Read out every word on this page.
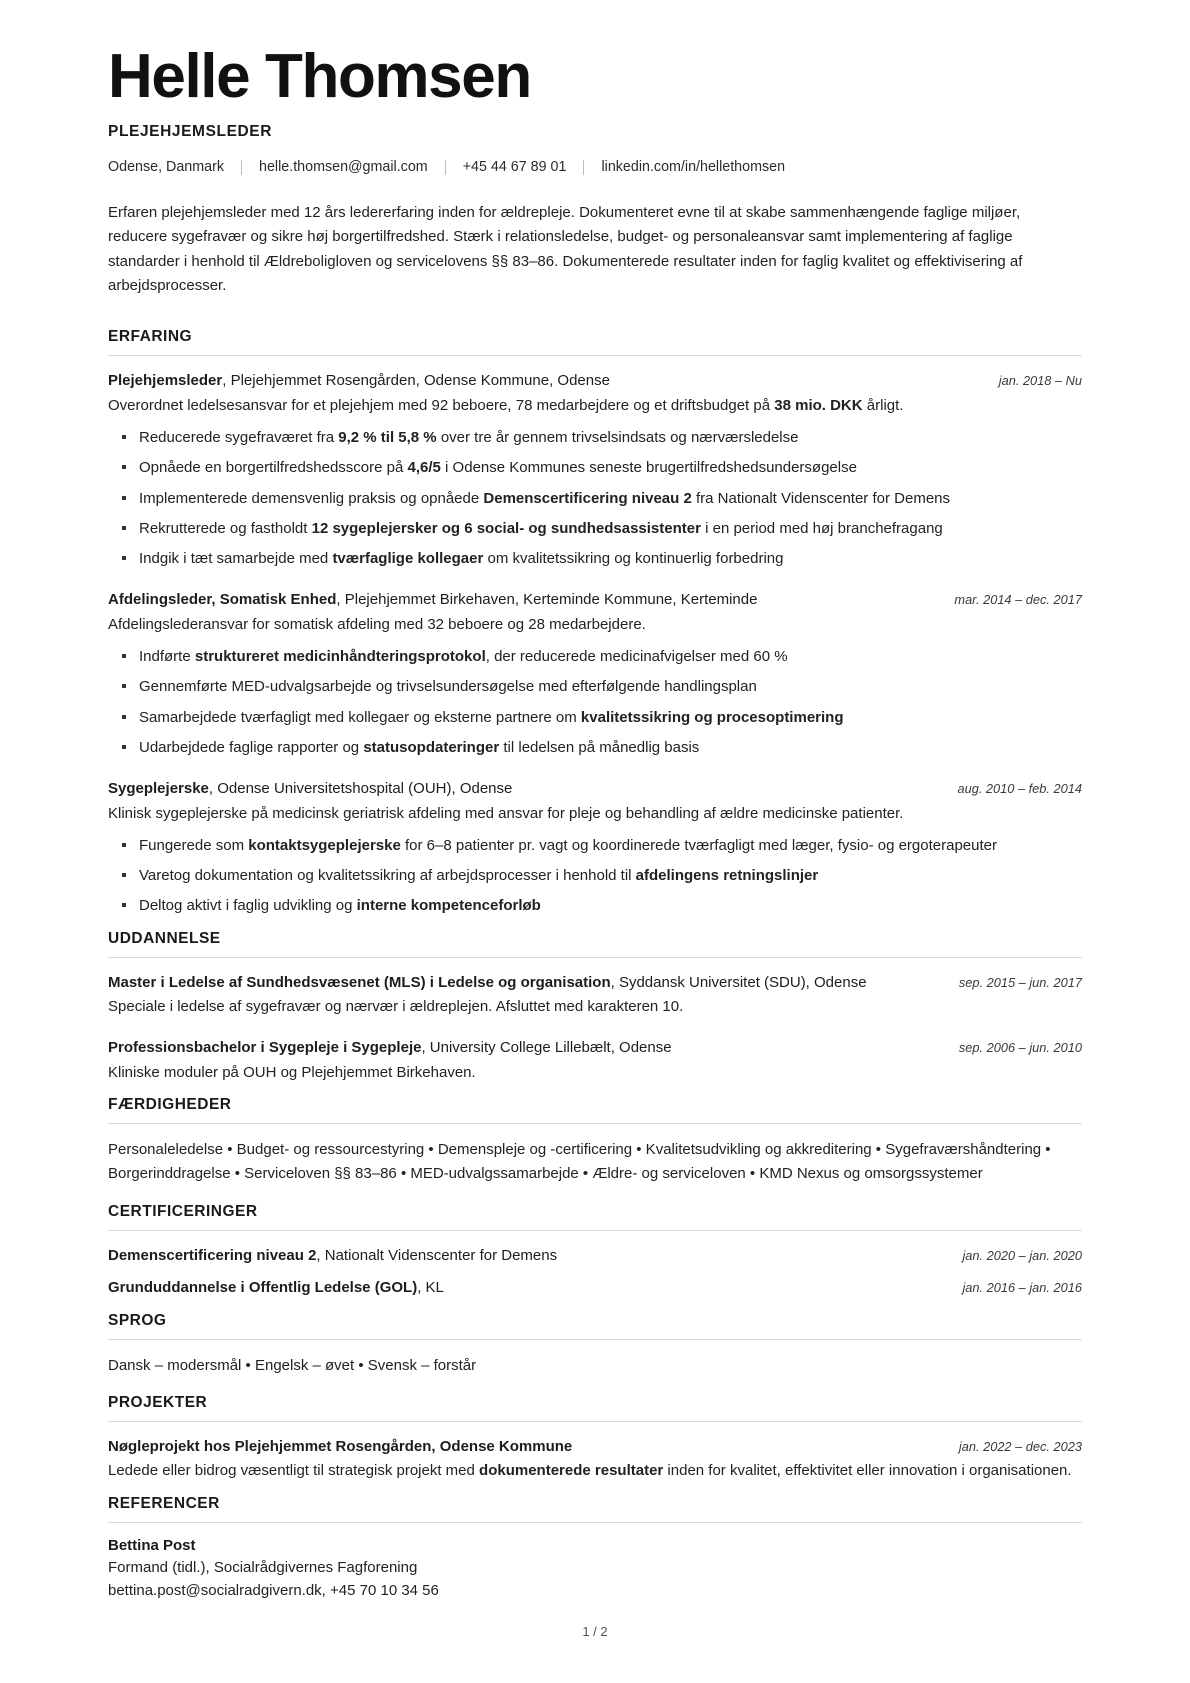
Helle Thomsen
PLEJEHJEMSLEDER
Odense, Danmark helle.thomsen@gmail.com +45 44 67 89 01 linkedin.com/in/hellethomsen

Erfaren plejehjemsleder med 12 års ledererfaring inden for ældrepleje. Dokumenteret evne til at skabe sammenhængende faglige miljøer, reducere sygefravær og sikre høj borgertilfredshed. Stærk i relationsledelse, budget- og personaleansvar samt implementering af faglige standarder i henhold til Ældreboligloven og servicelovens §§ 83–86. Dokumenterede resultater inden for faglig kvalitet og effektivisering af arbejdsprocesser.

ERFARING
Plejehjemsleder, Plejehjemmet Rosengården, Odense Kommune, Odense	jan. 2018 – Nu
Overordnet ledelsesansvar for et plejehjem med 92 beboere, 78 medarbejdere og et driftsbudget på 38 mio. DKK årligt.
Reducerede sygefraværet fra 9,2 % til 5,8 % over tre år gennem trivselsindsats og nærværsledelse
Opnåede en borgertilfredshedsscore på 4,6/5 i Odense Kommunes seneste brugertilfredshedsundersøgelse
Implementerede demensvenlig praksis og opnåede Demenscertificering niveau 2 fra Nationalt Videnscenter for Demens
Rekrutterede og fastholdt 12 sygeplejersker og 6 social- og sundhedsassistenter i en period med høj branchefragang
Indgik i tæt samarbejde med tværfaglige kollegaer om kvalitetssikring og kontinuerlig forbedring
Afdelingsleder, Somatisk Enhed, Plejehjemmet Birkehaven, Kerteminde Kommune, Kerteminde	mar. 2014 – dec. 2017
Afdelingslederansvar for somatisk afdeling med 32 beboere og 28 medarbejdere.
Indførte struktureret medicinhåndteringsprotokol, der reducerede medicinafvigelser med 60 %
Gennemførte MED-udvalgsarbejde og trivselsundersøgelse med efterfølgende handlingsplan
Samarbejdede tværfagligt med kollegaer og eksterne partnere om kvalitetssikring og procesoptimering
Udarbejdede faglige rapporter og statusopdateringer til ledelsen på månedlig basis
Sygeplejerske, Odense Universitetshospital (OUH), Odense	aug. 2010 – feb. 2014
Klinisk sygeplejerske på medicinsk geriatrisk afdeling med ansvar for pleje og behandling af ældre medicinske patienter.
Fungerede som kontaktsygeplejerske for 6–8 patienter pr. vagt og koordinerede tværfagligt med læger, fysio- og ergoterapeuter
Varetog dokumentation og kvalitetssikring af arbejdsprocesser i henhold til afdelingens retningslinjer
Deltog aktivt i faglig udvikling og interne kompetenceforløb
UDDANNELSE
Master i Ledelse af Sundhedsvæsenet (MLS) i Ledelse og organisation, Syddansk Universitet (SDU), Odense	sep. 2015 – jun. 2017
Speciale i ledelse af sygefravær og nærvær i ældreplejen. Afsluttet med karakteren 10.
Professionsbachelor i Sygepleje i Sygepleje, University College Lillebælt, Odense	sep. 2006 – jun. 2010
Kliniske moduler på OUH og Plejehjemmet Birkehaven.
FÆRDIGHEDER
Personaleledelse • Budget- og ressourcestyring • Demenspleje og -certificering • Kvalitetsudvikling og akkreditering • Sygefraværshåndtering • Borgerinddragelse • Serviceloven §§ 83–86 • MED-udvalgssamarbejde • Ældre- og serviceloven • KMD Nexus og omsorgssystemer
CERTIFICERINGER
Demenscertificering niveau 2, Nationalt Videnscenter for Demens	jan. 2020 – jan. 2020
Grunduddannelse i Offentlig Ledelse (GOL), KL	jan. 2016 – jan. 2016
SPROG
Dansk – modersmål • Engelsk – øvet • Svensk – forstår
PROJEKTER
Nøgleprojekt hos Plejehjemmet Rosengården, Odense Kommune	jan. 2022 – dec. 2023
Ledede eller bidrog væsentligt til strategisk projekt med dokumenterede resultater inden for kvalitet, effektivitet eller innovation i organisationen.
REFERENCER
Bettina Post
Formand (tidl.), Socialrådgivernes Fagforening
bettina.post@socialradgivern.dk, +45 70 10 34 56
1 / 2
